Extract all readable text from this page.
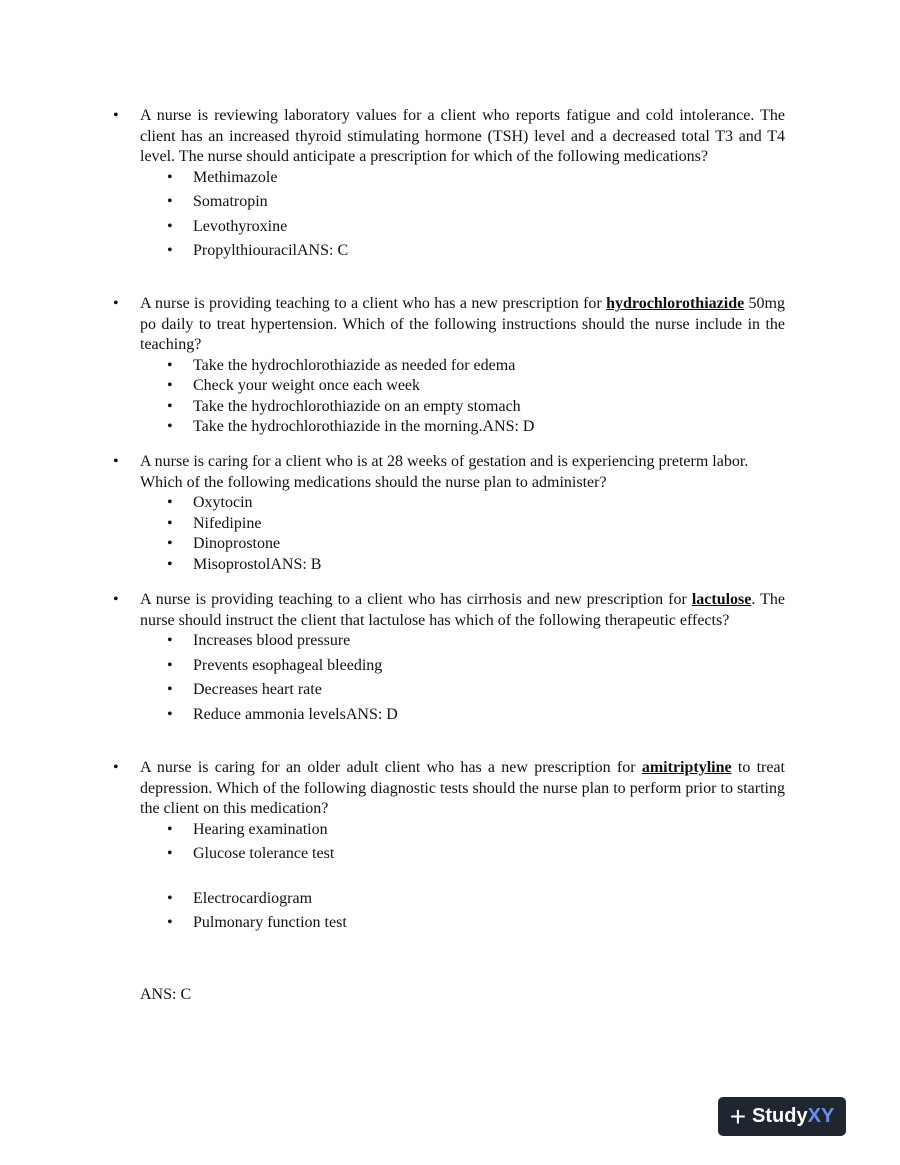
•	A nurse is reviewing laboratory values for a client who reports fatigue and cold intolerance. The client has an increased thyroid stimulating hormone (TSH) level and a decreased total T3 and T4 level. The nurse should anticipate a prescription for which of the following medications?
•	Methimazole
•	Somatropin
•	Levothyroxine
•	PropylthiouracilANS: C
•	A nurse is providing teaching to a client who has a new prescription for hydrochlorothiazide 50mg po daily to treat hypertension. Which of the following instructions should the nurse include in the teaching?
•	Take the hydrochlorothiazide as needed for edema
•	Check your weight once each week
•	Take the hydrochlorothiazide on an empty stomach
•	Take the hydrochlorothiazide in the morning.ANS: D
•	A nurse is caring for a client who is at 28 weeks of gestation and is experiencing preterm labor. Which of the following medications should the nurse plan to administer?
•	Oxytocin
•	Nifedipine
•	Dinoprostone
•	MisoprostolANS: B
•	A nurse is providing teaching to a client who has cirrhosis and new prescription for lactulose. The nurse should instruct the client that lactulose has which of the following therapeutic effects?
•	Increases blood pressure
•	Prevents esophageal bleeding
•	Decreases heart rate
•	Reduce ammonia levelsANS: D
•	A nurse is caring for an older adult client who has a new prescription for amitriptyline to treat depression. Which of the following diagnostic tests should the nurse plan to perform prior to starting the client on this medication?
•	Hearing examination
•	Glucose tolerance test
•	Electrocardiogram
•	Pulmonary function test
ANS: C
+ Study XY
